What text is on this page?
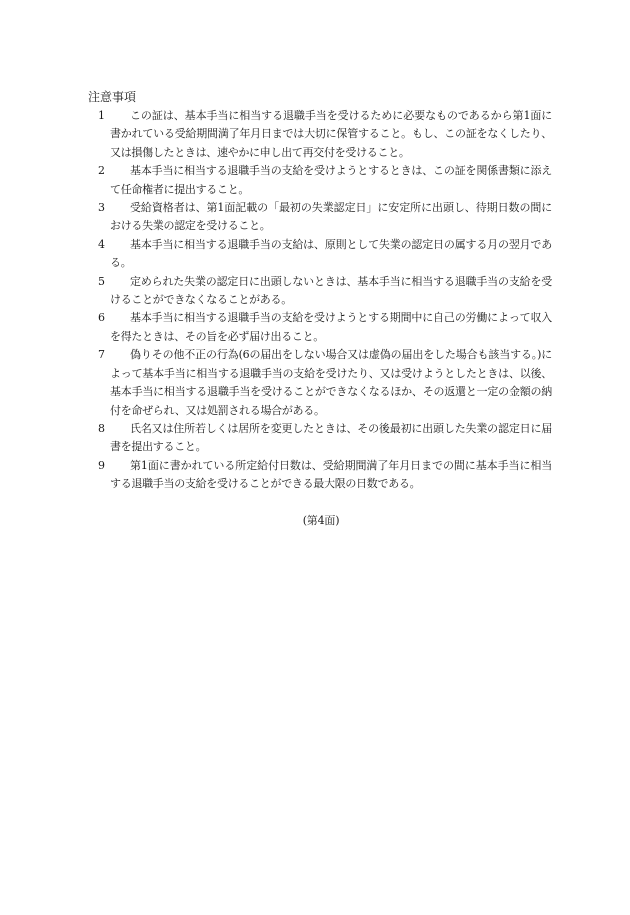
注意事項
1	この証は、基本手当に相当する退職手当を受けるために必要なものであるから第1面に書かれている受給期間満了年月日までは大切に保管すること。もし、この証をなくしたり、又は損傷したときは、速やかに申し出て再交付を受けること。
2	基本手当に相当する退職手当の支給を受けようとするときは、この証を関係書類に添えて任命権者に提出すること。
3	受給資格者は、第1面記載の「最初の失業認定日」に安定所に出頭し、待期日数の間における失業の認定を受けること。
4	基本手当に相当する退職手当の支給は、原則として失業の認定日の属する月の翌月である。
5	定められた失業の認定日に出頭しないときは、基本手当に相当する退職手当の支給を受けることができなくなることがある。
6	基本手当に相当する退職手当の支給を受けようとする期間中に自己の労働によって収入を得たときは、その旨を必ず届け出ること。
7	偽りその他不正の行為(6の届出をしない場合又は虚偽の届出をした場合も該当する。)によって基本手当に相当する退職手当の支給を受けたり、又は受けようとしたときは、以後、基本手当に相当する退職手当を受けることができなくなるほか、その返還と一定の金額の納付を命ぜられ、又は処罰される場合がある。
8	氏名又は住所若しくは居所を変更したときは、その後最初に出頭した失業の認定日に届書を提出すること。
9	第1面に書かれている所定給付日数は、受給期間満了年月日までの間に基本手当に相当する退職手当の支給を受けることができる最大限の日数である。
(第4面)
